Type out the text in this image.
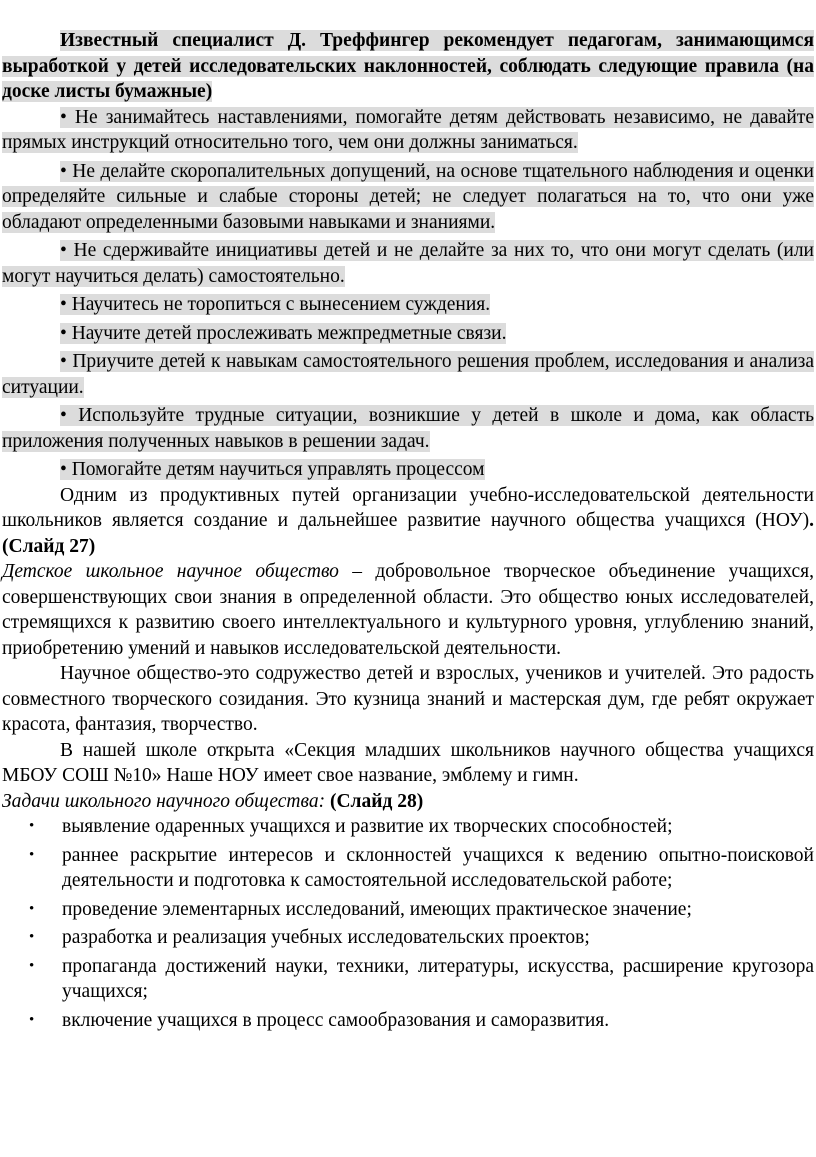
Известный специалист Д. Треффингер рекомендует педагогам, занимающимся выработкой у детей исследовательских наклонностей, соблюдать следующие правила (на доске листы бумажные)

• Не занимайтесь наставлениями, помогайте детям действовать независимо, не давайте прямых инструкций относительно того, чем они должны заниматься.

• Не делайте скоропалительных допущений, на основе тщательного наблюдения и оценки определяйте сильные и слабые стороны детей; не следует полагаться на то, что они уже обладают определенными базовыми навыками и знаниями.

• Не сдерживайте инициативы детей и не делайте за них то, что они могут сделать (или могут научиться делать) самостоятельно.

• Научитесь не торопиться с вынесением суждения.

• Научите детей прослеживать межпредметные связи.

• Приучите детей к навыкам самостоятельного решения проблем, исследования и анализа ситуации.

• Используйте трудные ситуации, возникшие у детей в школе и дома, как область приложения полученных навыков в решении задач.

• Помогайте детям научиться управлять процессом

Одним из продуктивных путей организации учебно-исследовательской деятельности школьников является создание и дальнейшее развитие научного общества учащихся (НОУ).(Слайд 27)

Детское школьное научное общество – добровольное творческое объединение учащихся, совершенствующих свои знания в определенной области. Это общество юных исследователей, стремящихся к развитию своего интеллектуального и культурного уровня, углублению знаний, приобретению умений и навыков исследовательской деятельности.

Научное общество-это содружество детей и взрослых, учеников и учителей. Это радость совместного творческого созидания. Это кузница знаний и мастерская дум, где ребят окружает красота, фантазия, творчество.

В нашей школе открыта «Секция младших школьников научного общества учащихся МБОУ СОШ №10» Наше НОУ имеет свое название, эмблему и гимн.

Задачи школьного научного общества: (Слайд 28)

• выявление одаренных учащихся и развитие их творческих способностей;
• раннее раскрытие интересов и склонностей учащихся к ведению опытно-поисковой деятельности и подготовка к самостоятельной исследовательской работе;
• проведение элементарных исследований, имеющих практическое значение;
• разработка и реализация учебных исследовательских проектов;
• пропаганда достижений науки, техники, литературы, искусства, расширение кругозора учащихся;
• включение учащихся в процесс самообразования и саморазвития.
